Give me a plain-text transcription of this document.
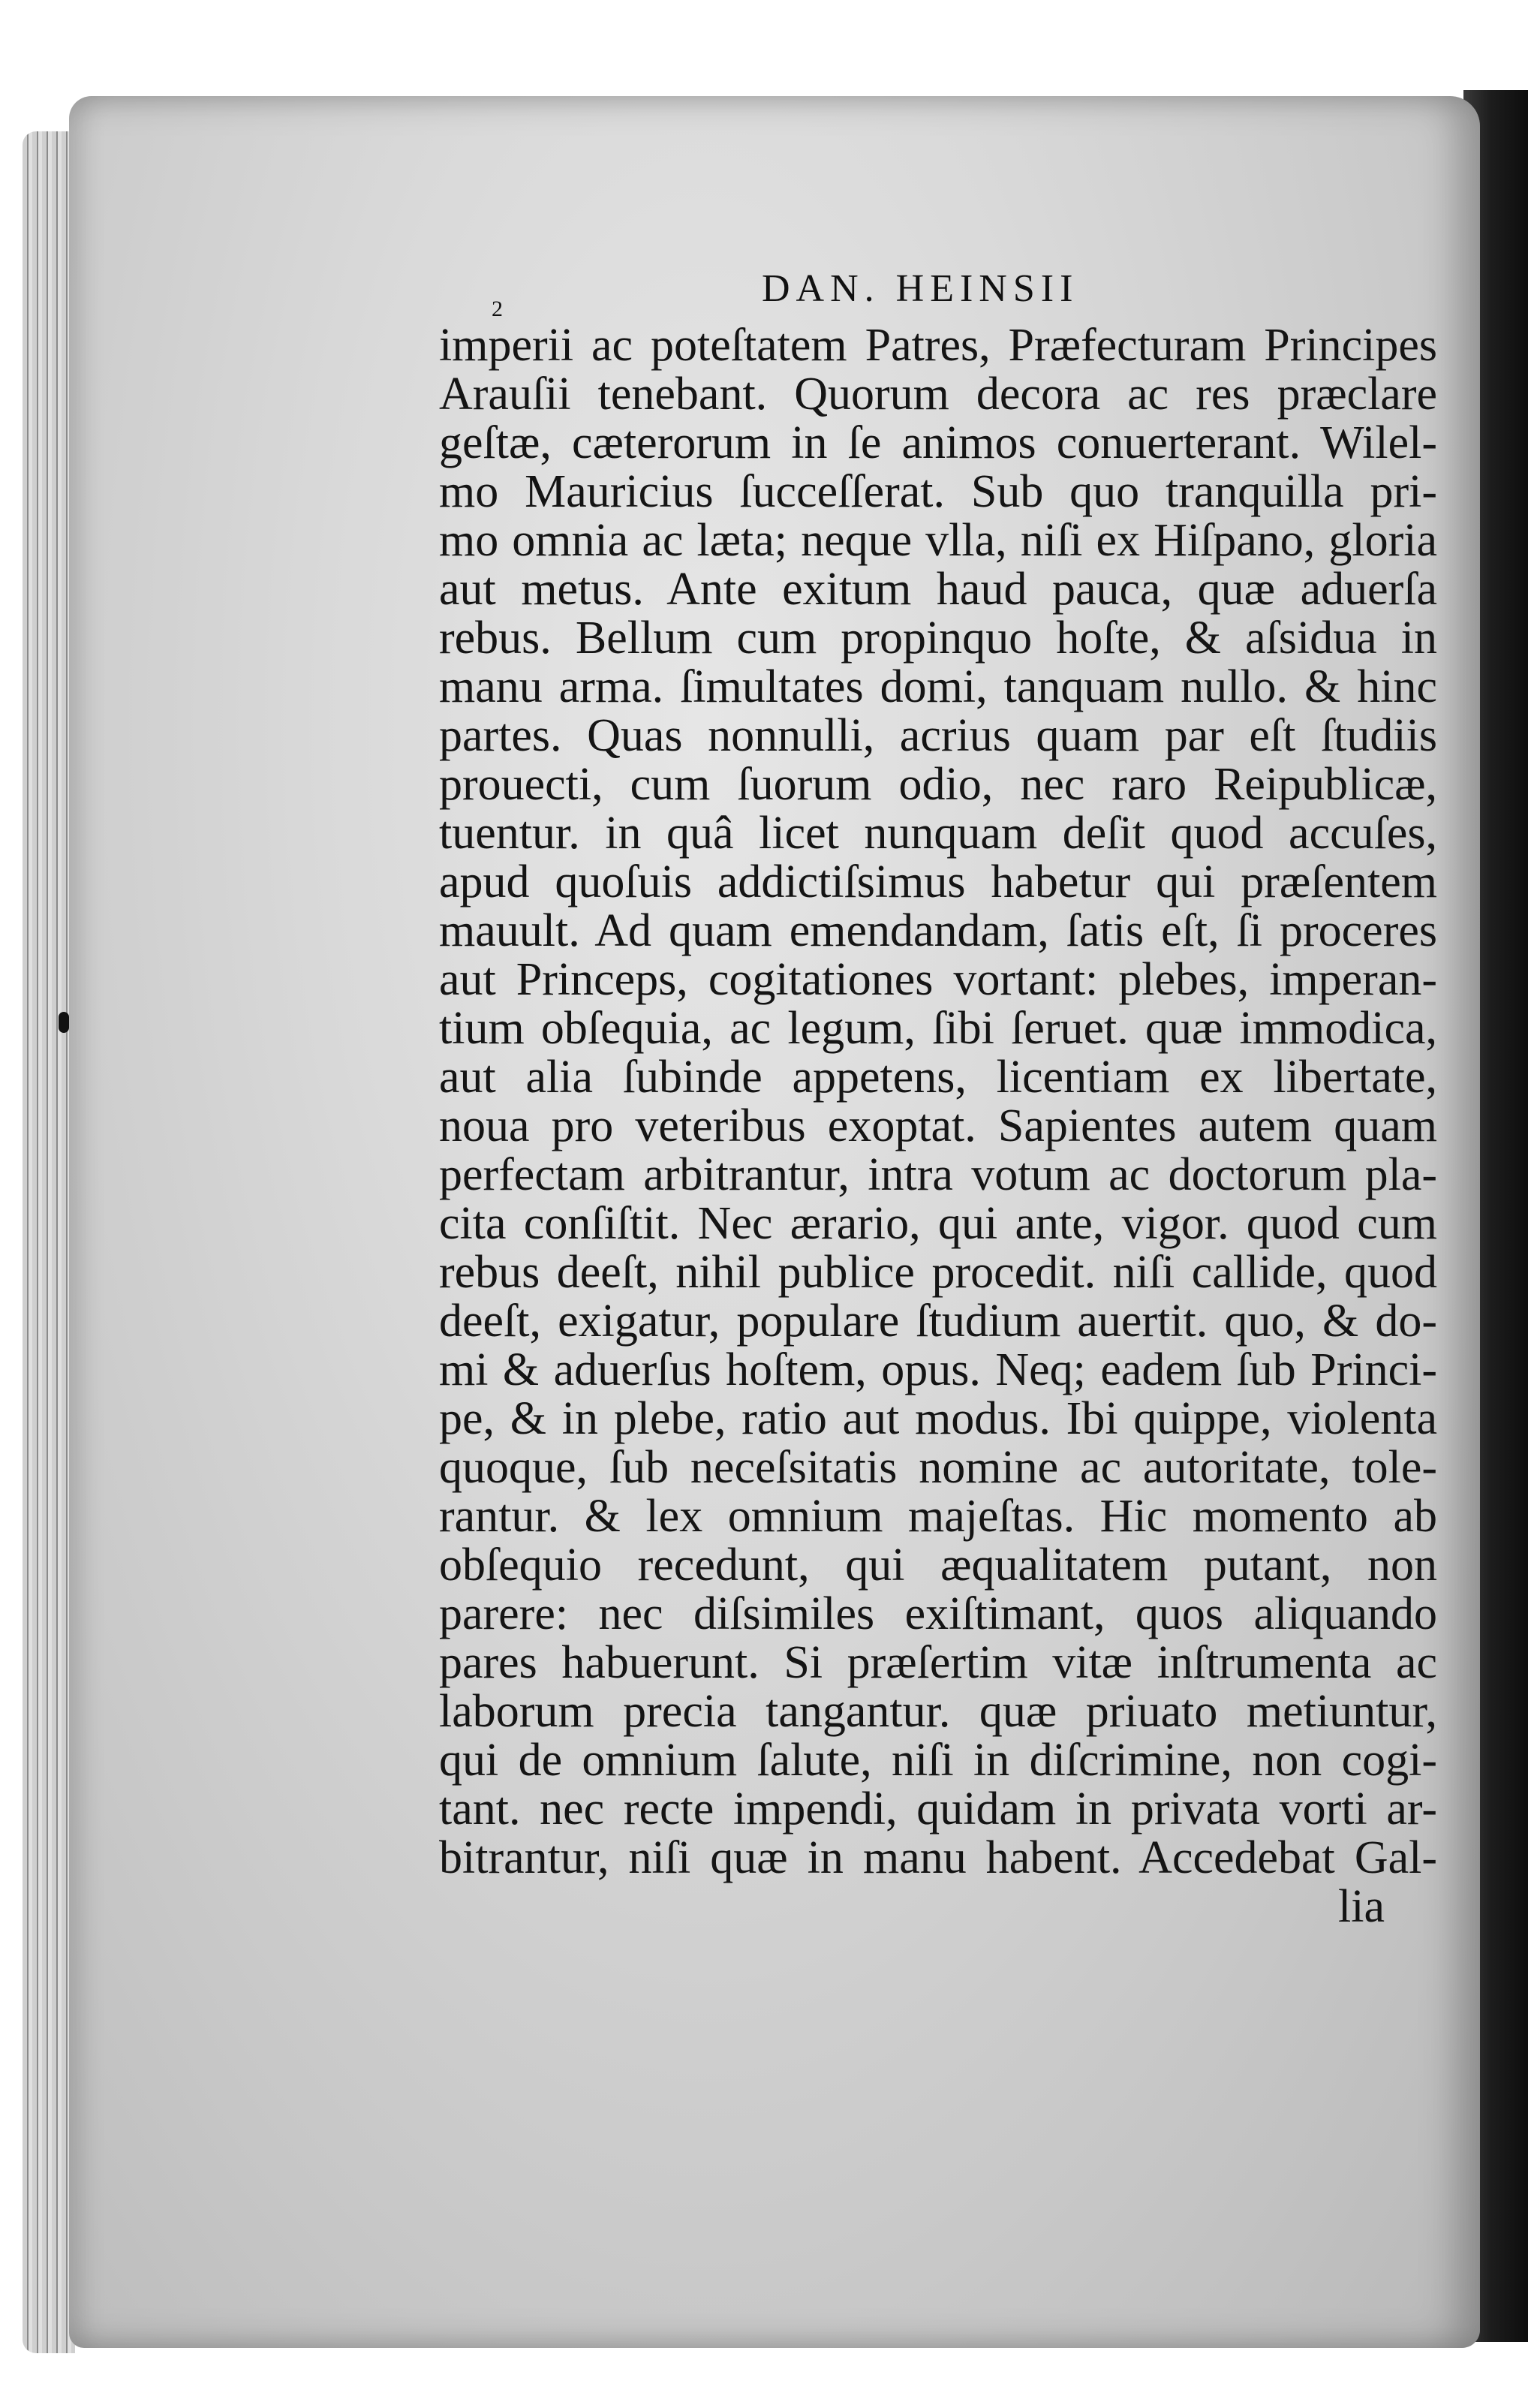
DAN. HEINSII
2
imperii ac poteſtatem Patres, Præfecturam Principes
Arauſii tenebant. Quorum decora ac res præclare
geſtæ, cæterorum in ſe animos conuerterant. Wilel-
mo Mauricius ſucceſſerat. Sub quo tranquilla pri-
mo omnia ac læta; neque vlla, niſi ex Hiſpano, gloria
aut metus. Ante exitum haud pauca, quæ aduerſa
rebus. Bellum cum propinquo hoſte, & aſsidua in
manu arma. ſimultates domi, tanquam nullo. & hinc
partes. Quas nonnulli, acrius quam par eſt ſtudiis
prouecti, cum ſuorum odio, nec raro Reipublicæ,
tuentur. in quâ licet nunquam deſit quod accuſes,
apud quoſuis addictiſsimus habetur qui præſentem
mauult. Ad quam emendandam, ſatis eſt, ſi proceres
aut Princeps, cogitationes vortant: plebes, imperan-
tium obſequia, ac legum, ſibi ſeruet. quæ immodica,
aut alia ſubinde appetens, licentiam ex libertate,
noua pro veteribus exoptat. Sapientes autem quam
perfectam arbitrantur, intra votum ac doctorum pla-
cita conſiſtit. Nec ærario, qui ante, vigor. quod cum
rebus deeſt, nihil publice procedit. niſi callide, quod
deeſt, exigatur, populare ſtudium auertit. quo, & do-
mi & aduerſus hoſtem, opus. Neq; eadem ſub Princi-
pe, & in plebe, ratio aut modus. Ibi quippe, violenta
quoque, ſub neceſsitatis nomine ac autoritate, tole-
rantur. & lex omnium majeſtas. Hic momento ab
obſequio recedunt, qui æqualitatem putant, non
parere: nec diſsimiles exiſtimant, quos aliquando
pares habuerunt. Si præſertim vitæ inſtrumenta ac
laborum precia tangantur. quæ priuato metiuntur,
qui de omnium ſalute, niſi in diſcrimine, non cogi-
tant. nec recte impendi, quidam in privata vorti ar-
bitrantur, niſi quæ in manu habent. Accedebat Gal-
lia
